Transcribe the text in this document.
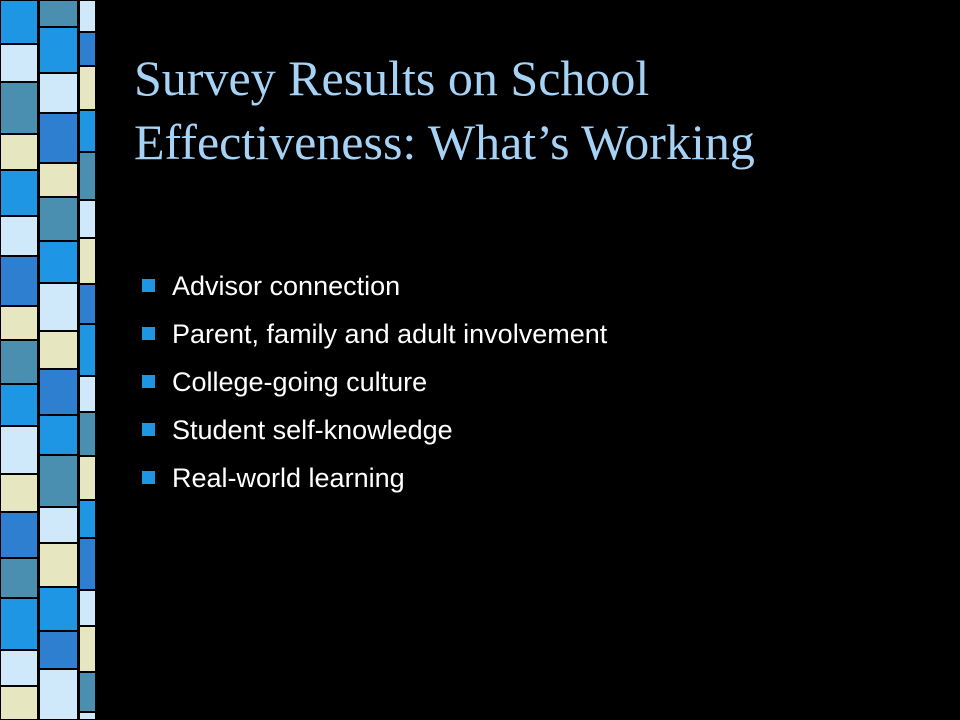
Survey Results on School
Effectiveness: What’s Working
Advisor connection
Parent, family and adult involvement
College-going culture
Student self-knowledge
Real-world learning
